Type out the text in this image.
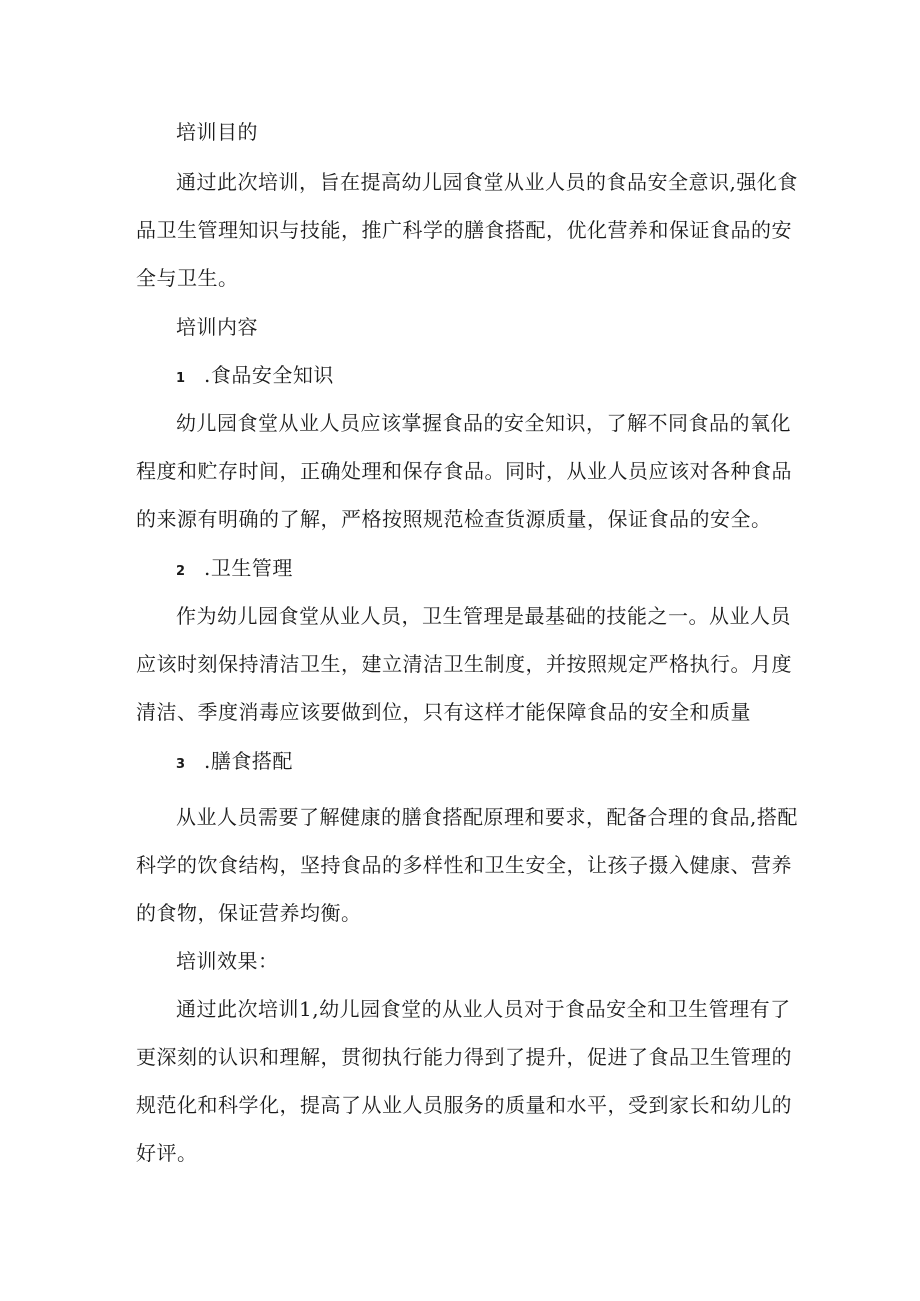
培训目的
通过此次培训，旨在提高幼儿园食堂从业人员的食品安全意识,强化食
品卫生管理知识与技能，推广科学的膳食搭配，优化营养和保证食品的安
全与卫生。
培训内容
1 .食品安全知识
幼儿园食堂从业人员应该掌握食品的安全知识，了解不同食品的氧化
程度和贮存时间，正确处理和保存食品。同时，从业人员应该对各种食品
的来源有明确的了解，严格按照规范检查货源质量，保证食品的安全。
2 .卫生管理
作为幼儿园食堂从业人员，卫生管理是最基础的技能之一。从业人员
应该时刻保持清洁卫生，建立清洁卫生制度，并按照规定严格执行。月度
清洁、季度消毒应该要做到位，只有这样才能保障食品的安全和质量
3 .膳食搭配
从业人员需要了解健康的膳食搭配原理和要求，配备合理的食品,搭配
科学的饮食结构，坚持食品的多样性和卫生安全，让孩子摄入健康、营养
的食物，保证营养均衡。
培训效果：
通过此次培训1,幼儿园食堂的从业人员对于食品安全和卫生管理有了
更深刻的认识和理解，贯彻执行能力得到了提升，促进了食品卫生管理的
规范化和科学化，提高了从业人员服务的质量和水平，受到家长和幼儿的
好评。
